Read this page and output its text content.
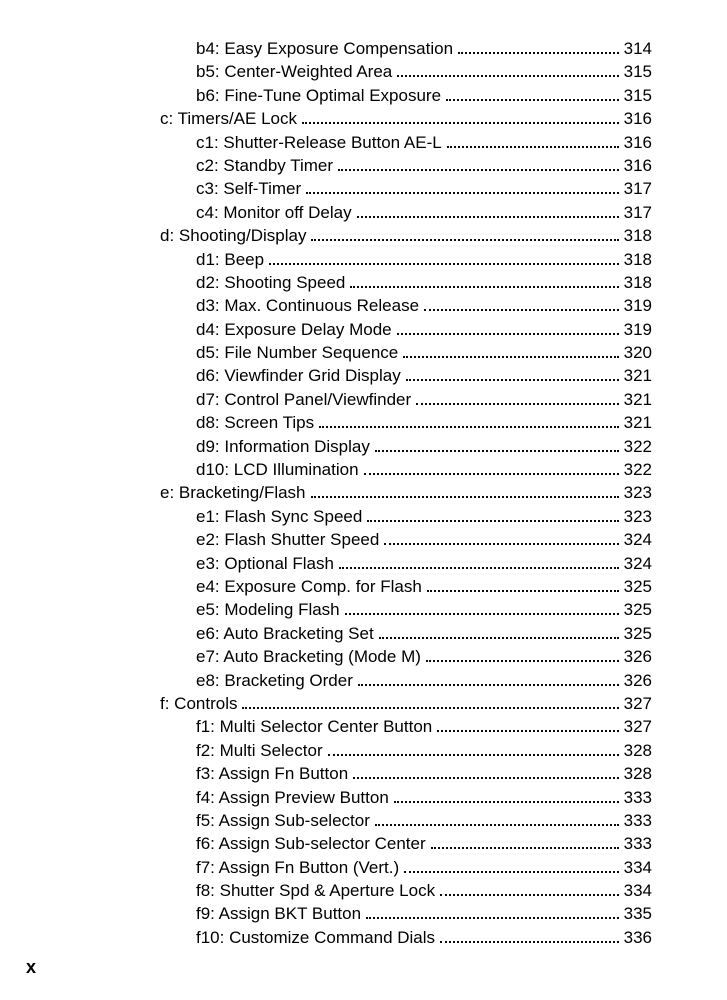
b4: Easy Exposure Compensation	314
b5: Center-Weighted Area	315
b6: Fine-Tune Optimal Exposure	315
c: Timers/AE Lock	316
c1: Shutter-Release Button AE-L	316
c2: Standby Timer	316
c3: Self-Timer	317
c4: Monitor off Delay	317
d: Shooting/Display	318
d1: Beep	318
d2: Shooting Speed	318
d3: Max. Continuous Release	319
d4: Exposure Delay Mode	319
d5: File Number Sequence	320
d6: Viewfinder Grid Display	321
d7: Control Panel/Viewfinder	321
d8: Screen Tips	321
d9: Information Display	322
d10: LCD Illumination	322
e: Bracketing/Flash	323
e1: Flash Sync Speed	323
e2: Flash Shutter Speed	324
e3: Optional Flash	324
e4: Exposure Comp. for Flash	325
e5: Modeling Flash	325
e6: Auto Bracketing Set	325
e7: Auto Bracketing (Mode M)	326
e8: Bracketing Order	326
f: Controls	327
f1: Multi Selector Center Button	327
f2: Multi Selector	328
f3: Assign Fn Button	328
f4: Assign Preview Button	333
f5: Assign Sub-selector	333
f6: Assign Sub-selector Center	333
f7: Assign Fn Button (Vert.)	334
f8: Shutter Spd & Aperture Lock	334
f9: Assign BKT Button	335
f10: Customize Command Dials	336
x
